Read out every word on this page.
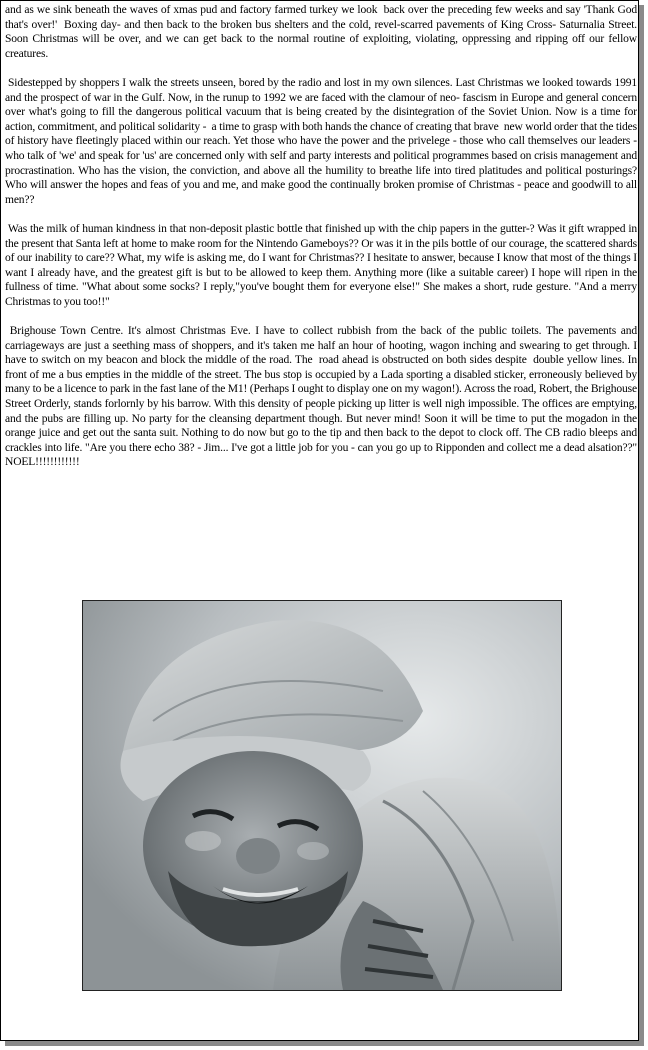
and as we sink beneath the waves of xmas pud and factory farmed turkey we look  back over the preceding few weeks and say 'Thank God that's over!'  Boxing day- and then back to the broken bus shelters and the cold, revel-scarred pavements of King Cross- Saturnalia Street. Soon Christmas will be over, and we can get back to the normal routine of exploiting, violating, oppressing and ripping off our fellow creatures.

Sidestepped by shoppers I walk the streets unseen, bored by the radio and lost in my own silences. Last Christmas we looked towards 1991 and the prospect of war in the Gulf. Now, in the runup to 1992 we are faced with the clamour of neo- fascism in Europe and general concern over what's going to fill the dangerous political vacuum that is being created by the disintegration of the Soviet Union. Now is a time for action, commitment, and political solidarity -  a time to grasp with both hands the chance of creating that brave  new world order that the tides of history have fleetingly placed within our reach. Yet those who have the power and the privelege - those who call themselves our leaders - who talk of 'we' and speak for 'us' are concerned only with self and party interests and political programmes based on crisis management and procrastination. Who has the vision, the conviction, and above all the humility to breathe life into tired platitudes and political posturings?  Who will answer the hopes and feas of you and me, and make good the continually broken promise of Christmas - peace and goodwill to all men??

Was the milk of human kindness in that non-deposit plastic bottle that finished up with the chip papers in the gutter-? Was it gift wrapped in the present that Santa left at home to make room for the Nintendo Gameboys?? Or was it in the pils bottle of our courage, the scattered shards of our inability to care?? What, my wife is asking me, do I want for Christmas?? I hesitate to answer, because I know that most of the things I want I already have, and the greatest gift is but to be allowed to keep them. Anything more (like a suitable career) I hope will ripen in the fullness of time. "What about some socks? I reply,"you've bought them for everyone else!" She makes a short, rude gesture. "And a merry Christmas to you too!!"

Brighouse Town Centre. It's almost Christmas Eve. I have to collect rubbish from the back of the public toilets. The pavements and carriageways are just a seething mass of shoppers, and it's taken me half an hour of hooting, wagon inching and swearing to get through. I have to switch on my beacon and block the middle of the road. The  road ahead is obstructed on both sides despite  double yellow lines. In front of me a bus empties in the middle of the street. The bus stop is occupied by a Lada sporting a disabled sticker, erroneously believed by many to be a licence to park in the fast lane of the M1! (Perhaps I ought to display one on my wagon!). Across the road, Robert, the Brighouse Street Orderly, stands forlornly by his barrow. With this density of people picking up litter is well nigh impossible. The offices are emptying, and the pubs are filling up. No party for the cleansing department though. But never mind! Soon it will be time to put the mogadon in the orange juice and get out the santa suit. Nothing to do now but go to the tip and then back to the depot to clock off. The CB radio bleeps and crackles into life. "Are you there echo 38? - Jim... I've got a little job for you - can you go up to Ripponden and collect me a dead alsation??"  NOEL!!!!!!!!!!!!
